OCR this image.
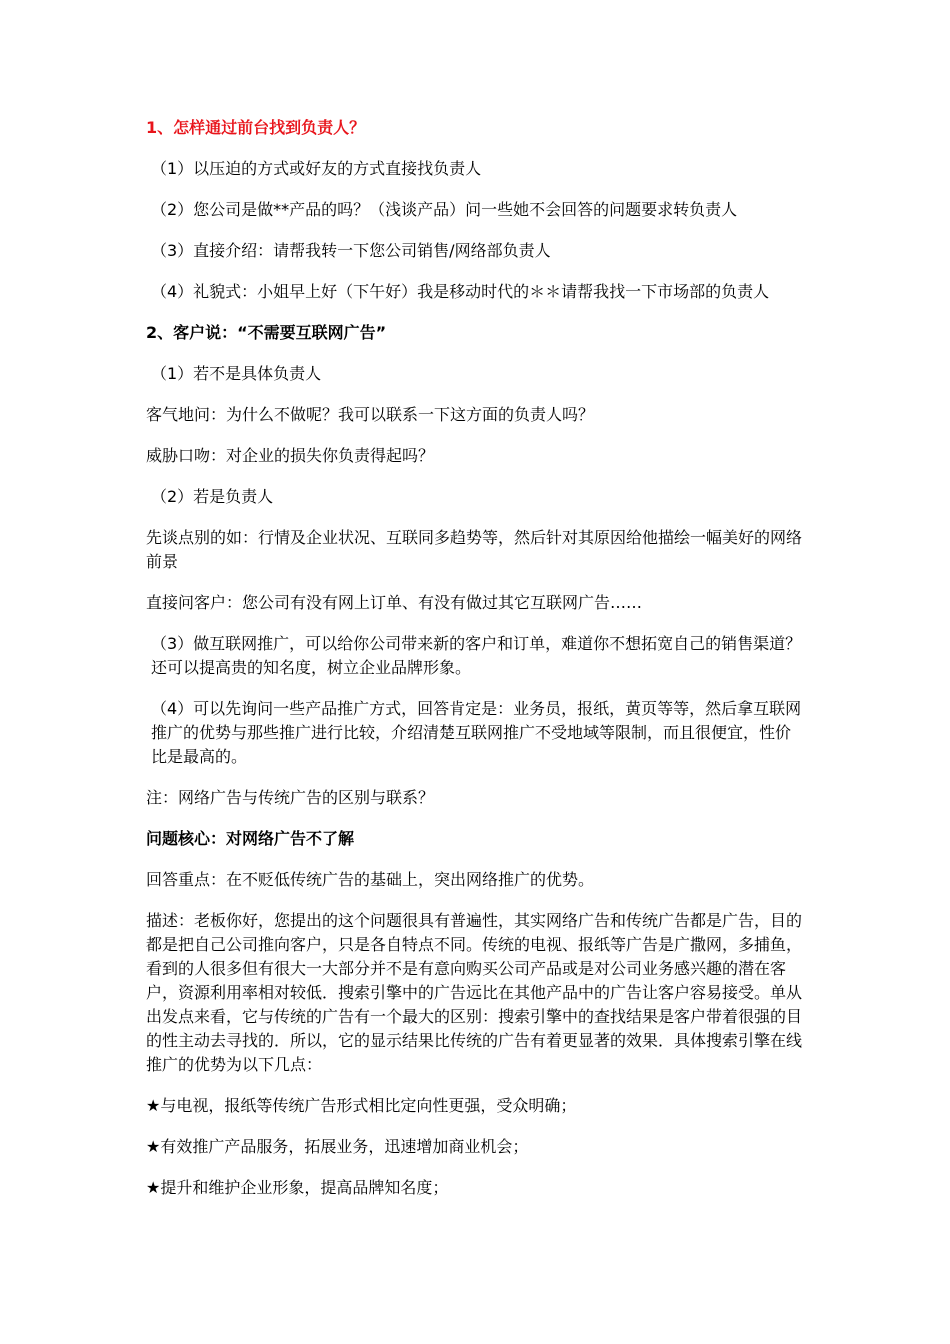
1、怎样通过前台找到负责人？

（1）以压迫的方式或好友的方式直接找负责人

（2）您公司是做**产品的吗？（浅谈产品）问一些她不会回答的问题要求转负责人

（3）直接介绍：请帮我转一下您公司销售/网络部负责人

（4）礼貌式：小姐早上好（下午好）我是移动时代的＊＊请帮我找一下市场部的负责人

2、客户说：“不需要互联网广告”

（1）若不是具体负责人

客气地问：为什么不做呢？我可以联系一下这方面的负责人吗？

威胁口吻：对企业的损失你负责得起吗？

（2）若是负责人

先谈点别的如：行情及企业状况、互联同多趋势等，然后针对其原因给他描绘一幅美好的网络前景

直接问客户：您公司有没有网上订单、有没有做过其它互联网广告……

（3）做互联网推广，可以给你公司带来新的客户和订单，难道你不想拓宽自己的销售渠道？还可以提高贵的知名度，树立企业品牌形象。

（4）可以先询问一些产品推广方式，回答肯定是：业务员，报纸，黄页等等，然后拿互联网推广的优势与那些推广进行比较，介绍清楚互联网推广不受地域等限制，而且很便宜，性价比是最高的。

注：网络广告与传统广告的区别与联系？

问题核心：对网络广告不了解

回答重点：在不贬低传统广告的基础上，突出网络推广的优势。

描述：老板你好，您提出的这个问题很具有普遍性，其实网络广告和传统广告都是广告，目的都是把自己公司推向客户，只是各自特点不同。传统的电视、报纸等广告是广撒网，多捕鱼，看到的人很多但有很大一大部分并不是有意向购买公司产品或是对公司业务感兴趣的潜在客户，资源利用率相对较低．搜索引擎中的广告远比在其他产品中的广告让客户容易接受。单从出发点来看，它与传统的广告有一个最大的区别：搜索引擎中的查找结果是客户带着很强的目的性主动去寻找的．所以，它的显示结果比传统的广告有着更显著的效果．具体搜索引擎在线推广的优势为以下几点：

★与电视，报纸等传统广告形式相比定向性更强，受众明确；

★有效推广产品服务，拓展业务，迅速增加商业机会；

★提升和维护企业形象，提高品牌知名度；
